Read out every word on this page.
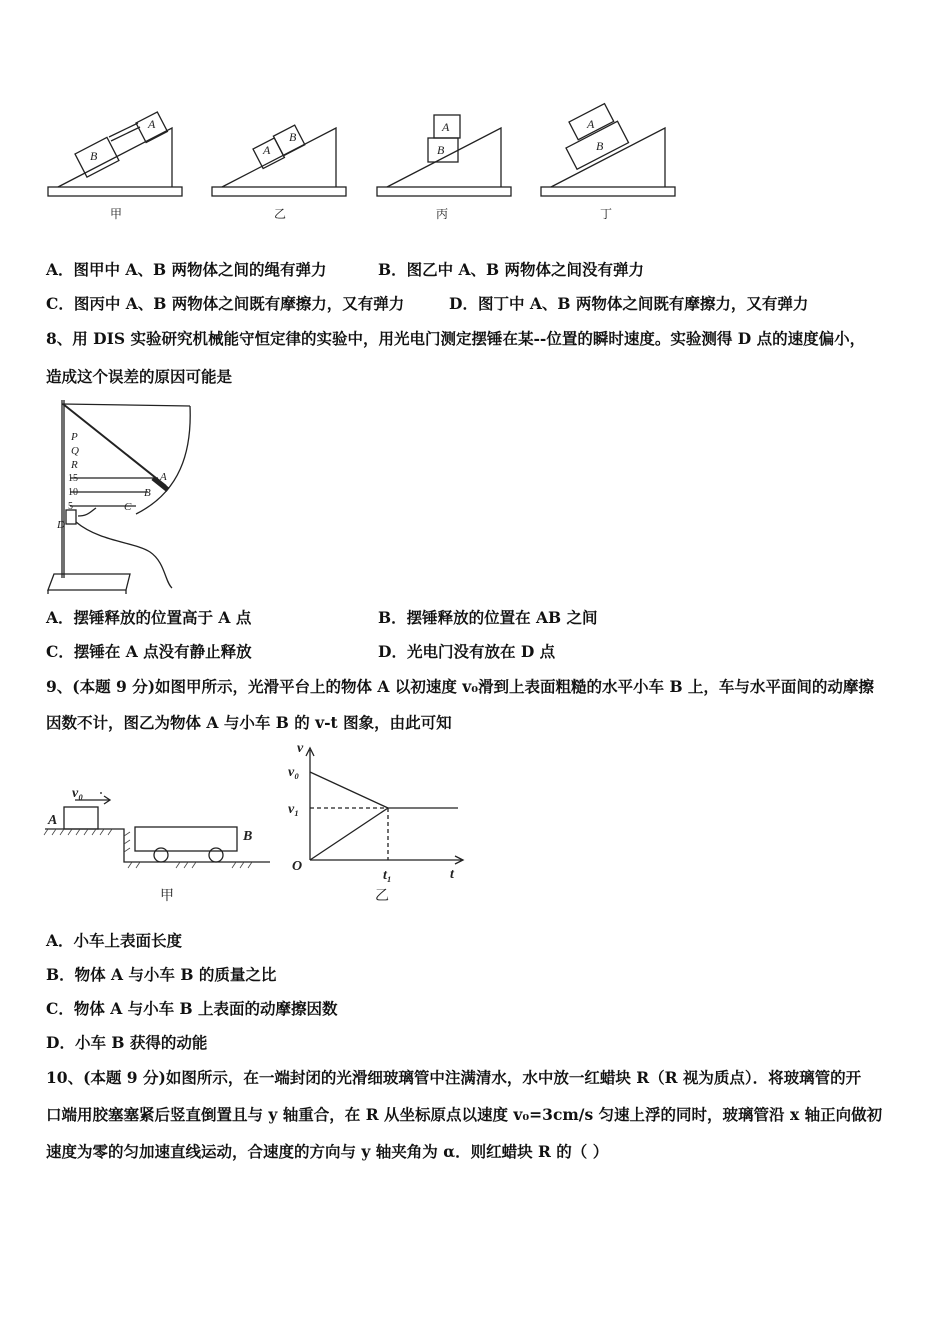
B
A
A
B
A
B
A
B
甲	乙	丙	丁
A．图甲中 A、B 两物体之间的绳有弹力	B．图乙中 A、B 两物体之间没有弹力
C．图丙中 A、B 两物体之间既有摩擦力，又有弹力	D．图丁中 A、B 两物体之间既有摩擦力，又有弹力
8、用 DIS 实验研究机械能守恒定律的实验中，用光电门测定摆锤在某--位置的瞬时速度。实验测得 D 点的速度偏小，
造成这个误差的原因可能是
P
Q
R
A
B
C
D
15
10
5
A．摆锤释放的位置高于 A 点	B．摆锤释放的位置在 AB 之间
C．摆锤在 A 点没有静止释放	D．光电门没有放在 D 点
9、(本题 9 分)如图甲所示，光滑平台上的物体 A 以初速度 v₀滑到上表面粗糙的水平小车 B 上，车与水平面间的动摩擦
因数不计，图乙为物体 A 与小车 B 的 v-t 图象，由此可知
v₀
A
B
甲
v
v₀
v₁
O
t₁	t
乙
A．小车上表面长度
B．物体 A 与小车 B 的质量之比
C．物体 A 与小车 B 上表面的动摩擦因数
D．小车 B 获得的动能
10、(本题 9 分)如图所示，在一端封闭的光滑细玻璃管中注满清水，水中放一红蜡块 R（R 视为质点）．将玻璃管的开
口端用胶塞塞紧后竖直倒置且与 y 轴重合，在 R 从坐标原点以速度 v₀=3cm/s 匀速上浮的同时，玻璃管沿 x 轴正向做初
速度为零的匀加速直线运动，合速度的方向与 y 轴夹角为 α．则红蜡块 R 的（ ）
